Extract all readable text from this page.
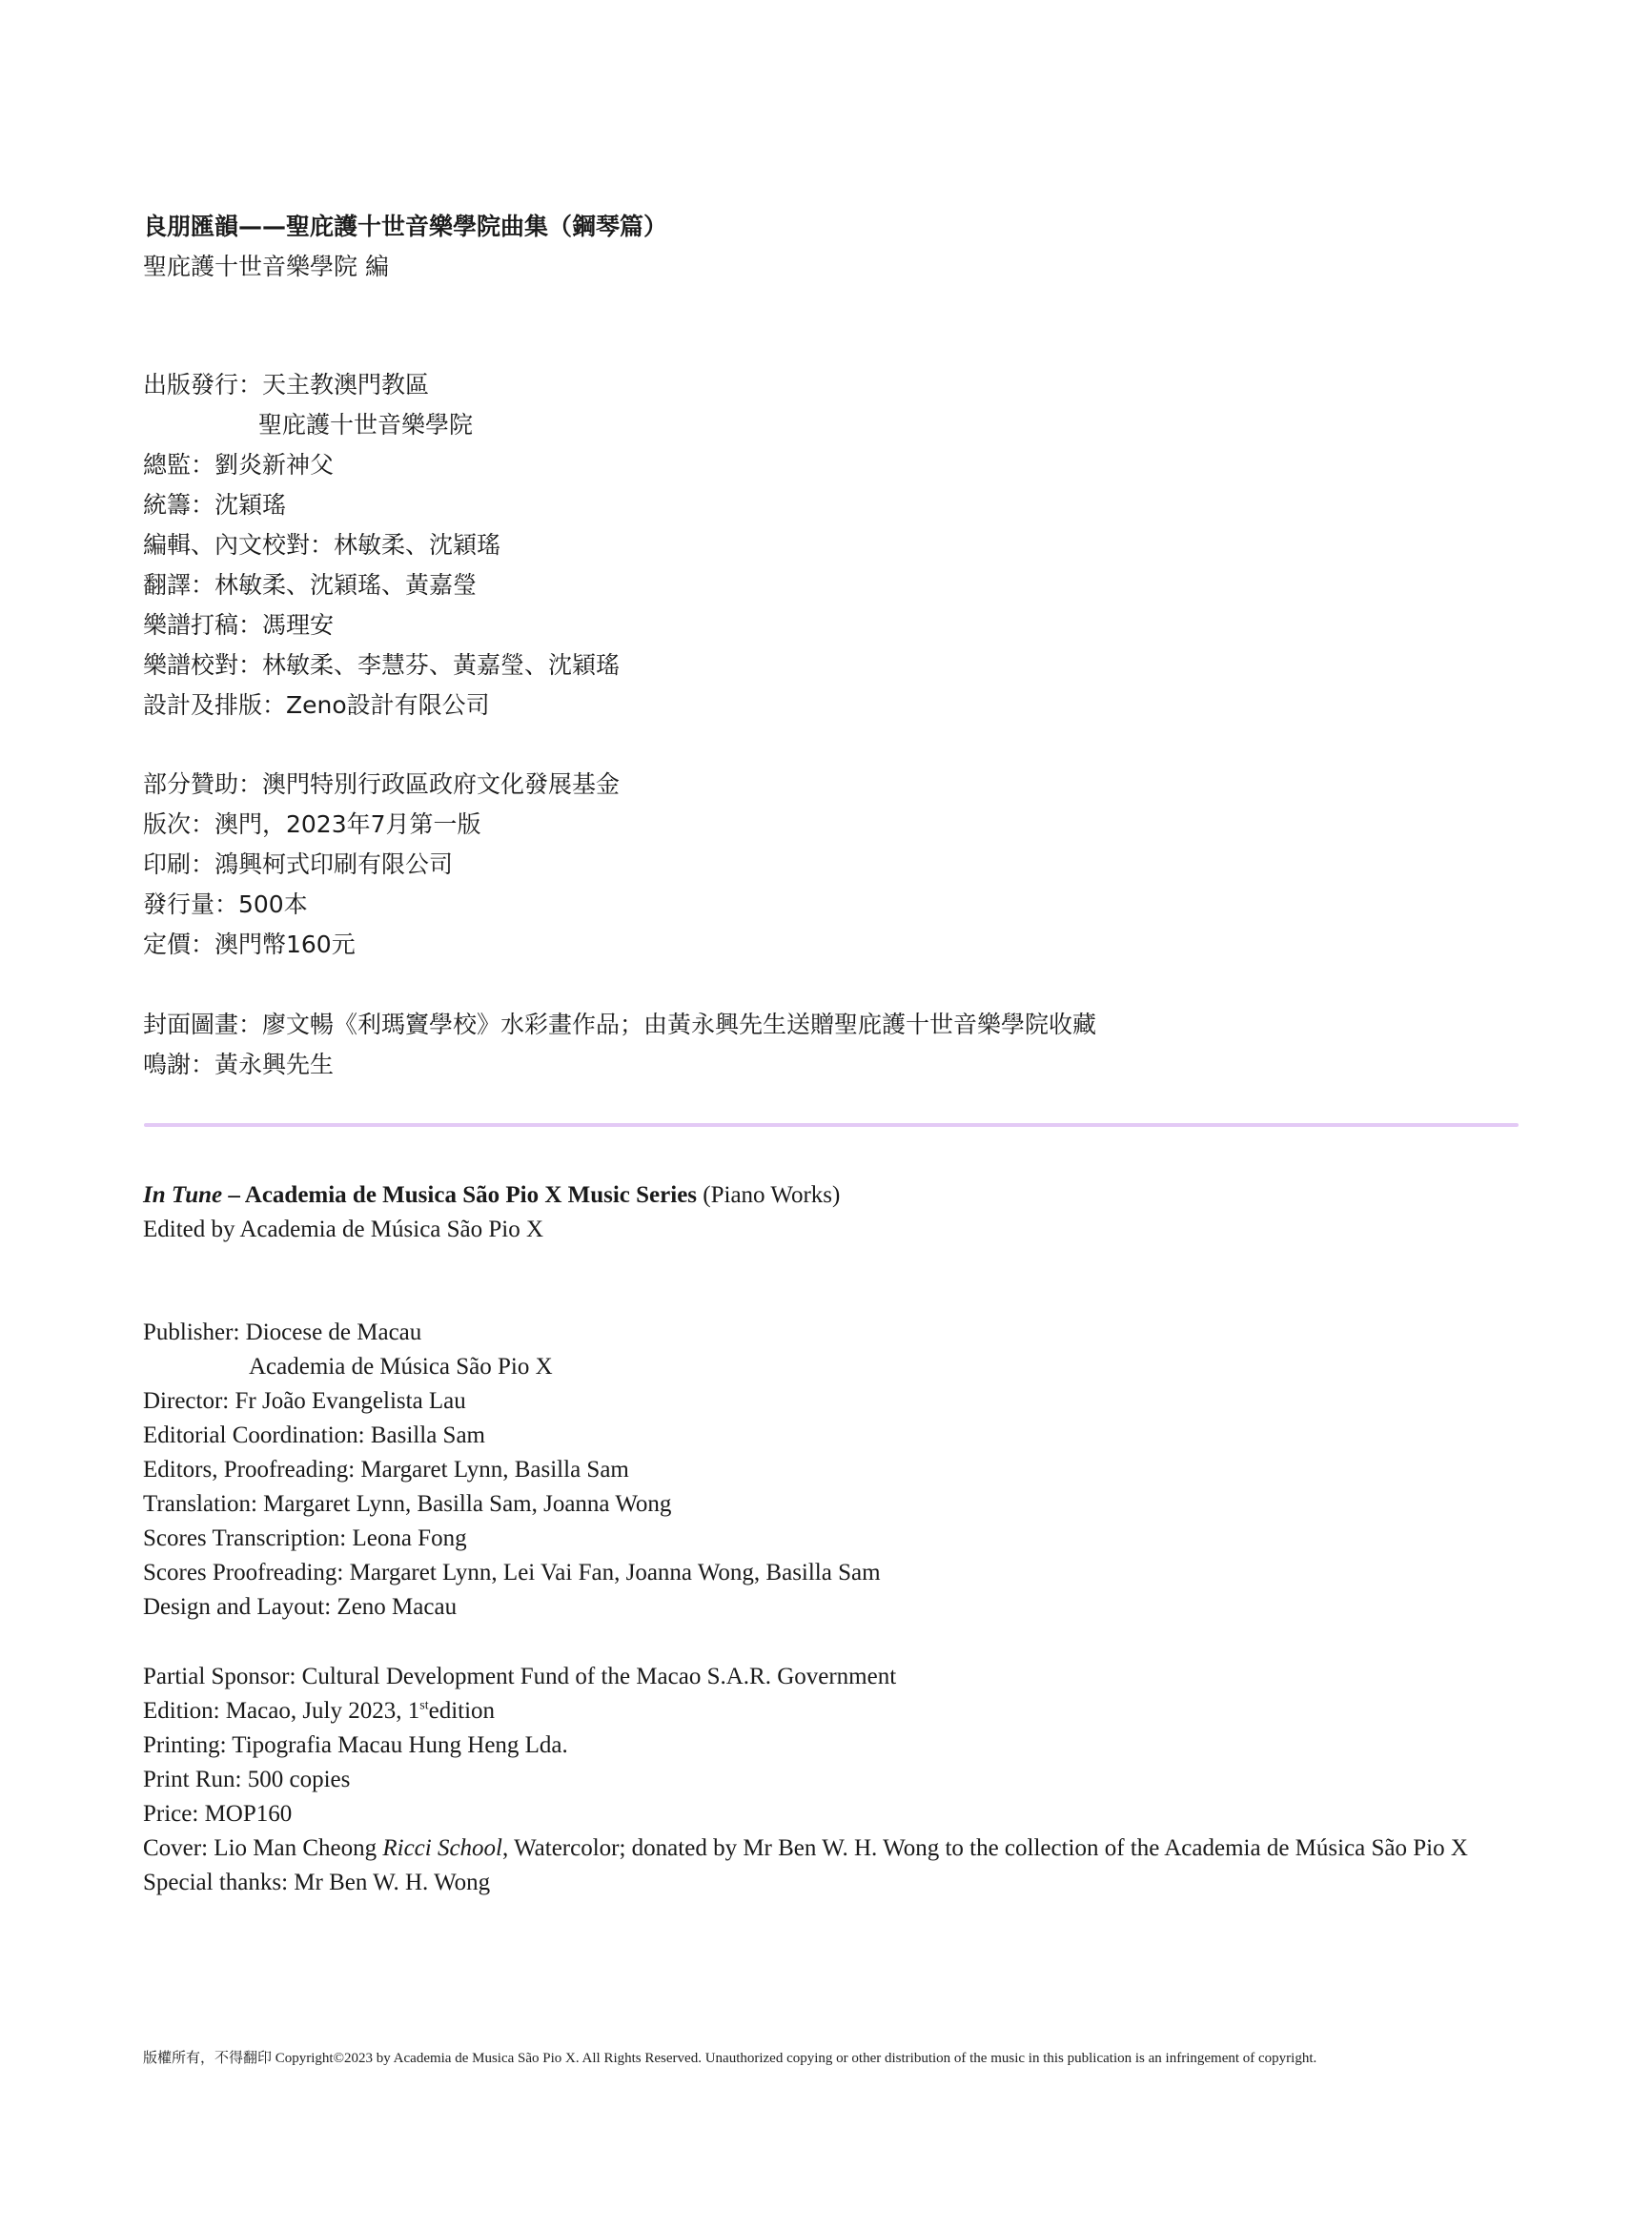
良朋匯韻——聖庇護十世音樂學院曲集（鋼琴篇）
聖庇護十世音樂學院 編
出版發行：天主教澳門教區
聖庇護十世音樂學院
總監：劉炎新神父
統籌：沈穎瑤
編輯、內文校對：林敏柔、沈穎瑤
翻譯：林敏柔、沈穎瑤、黃嘉瑩
樂譜打稿：馮理安
樂譜校對：林敏柔、李慧芬、黃嘉瑩、沈穎瑤
設計及排版：Zeno設計有限公司
部分贊助：澳門特別行政區政府文化發展基金
版次：澳門，2023年7月第一版
印刷：鴻興柯式印刷有限公司
發行量：500本
定價：澳門幣160元
封面圖畫：廖文暢《利瑪竇學校》水彩畫作品；由黃永興先生送贈聖庇護十世音樂學院收藏
鳴謝：黃永興先生
In Tune – Academia de Musica São Pio X Music Series (Piano Works)
Edited by Academia de Música São Pio X
Publisher: Diocese de Macau
Academia de Música São Pio X
Director: Fr João Evangelista Lau
Editorial Coordination: Basilla Sam
Editors, Proofreading: Margaret Lynn, Basilla Sam
Translation: Margaret Lynn, Basilla Sam, Joanna Wong
Scores Transcription: Leona Fong
Scores Proofreading: Margaret Lynn, Lei Vai Fan, Joanna Wong, Basilla Sam
Design and Layout: Zeno Macau
Partial Sponsor: Cultural Development Fund of the Macao S.A.R. Government
Edition: Macao, July 2023, 1stedition
Printing: Tipografia Macau Hung Heng Lda.
Print Run: 500 copies
Price: MOP160
Cover: Lio Man Cheong Ricci School, Watercolor; donated by Mr Ben W. H. Wong to the collection of the Academia de Música São Pio X
Special thanks: Mr Ben W. H. Wong
版權所有，不得翻印 Copyright©2023 by Academia de Musica São Pio X. All Rights Reserved. Unauthorized copying or other distribution of the music in this publication is an infringement of copyright.
